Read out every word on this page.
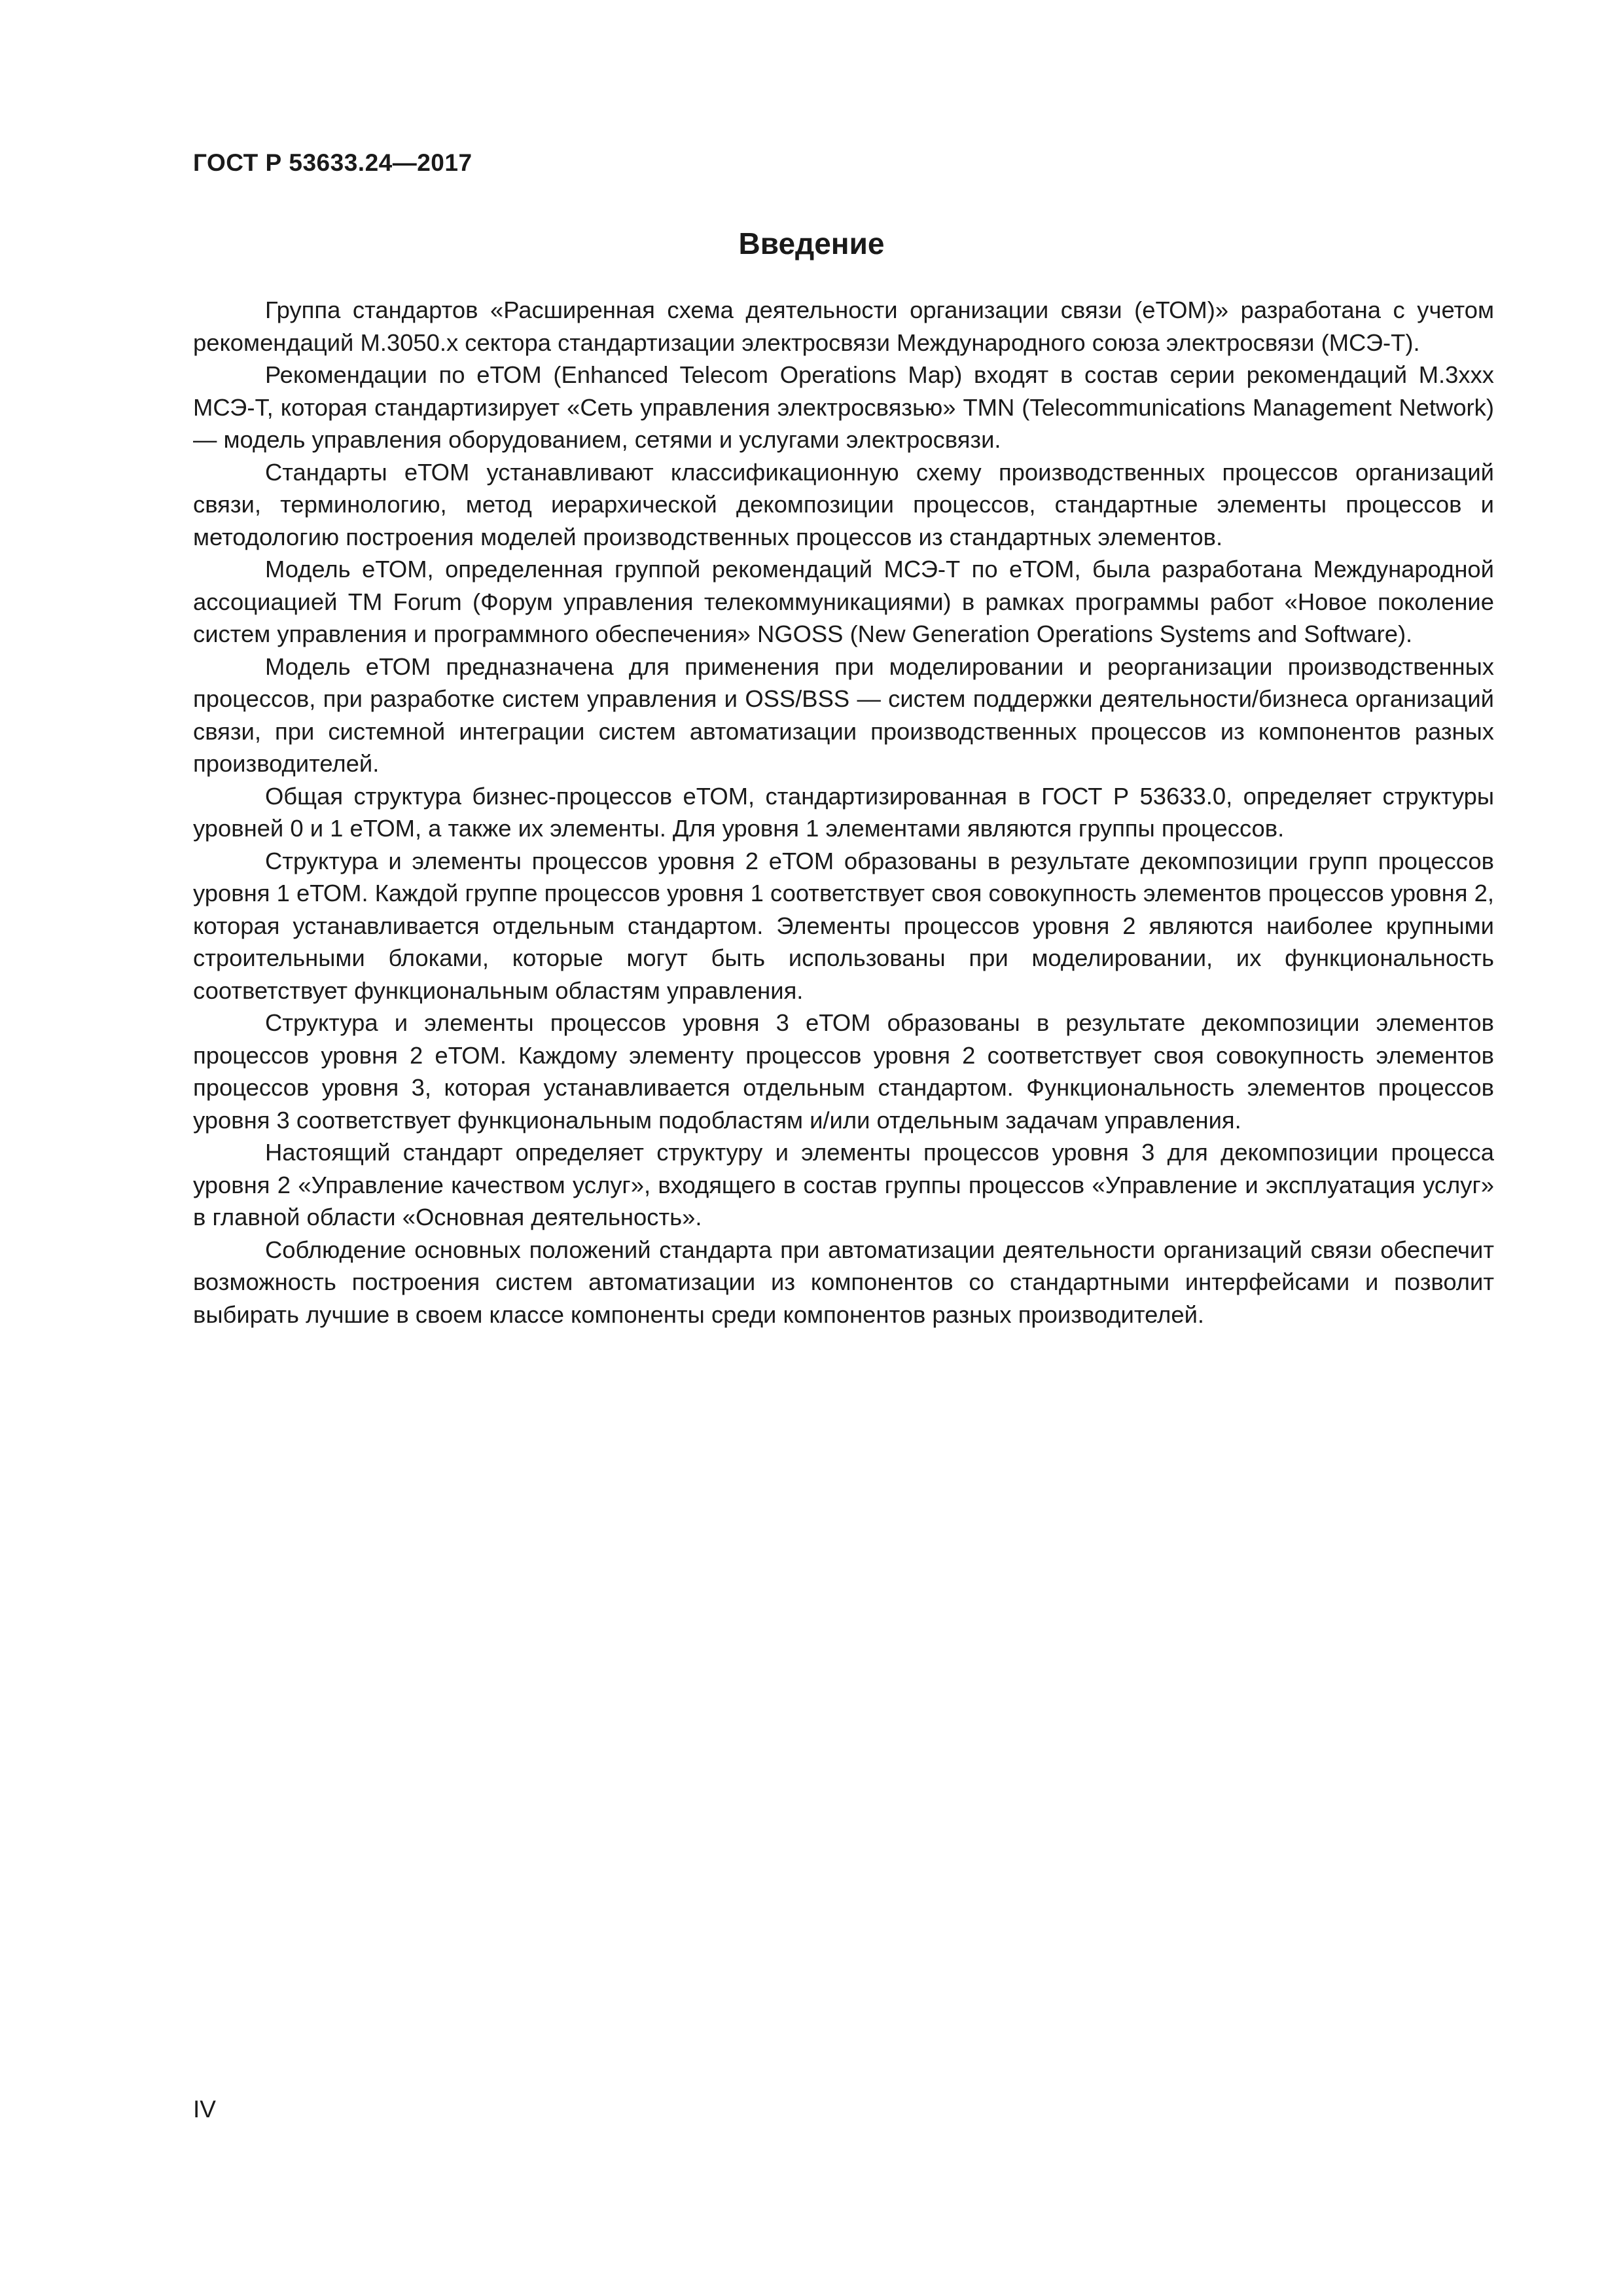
ГОСТ Р 53633.24—2017
Введение

Группа стандартов «Расширенная схема деятельности организации связи (еТОМ)» разработана с учетом рекомендаций M.3050.x сектора стандартизации электросвязи Международного союза электросвязи (МСЭ-Т).

Рекомендации по еТОМ (Enhanced Telecom Operations Map) входят в состав серии рекомендаций M.3xxx МСЭ-Т, которая стандартизирует «Сеть управления электросвязью» TMN (Telecommunications Management Network) — модель управления оборудованием, сетями и услугами электросвязи.

Стандарты еТОМ устанавливают классификационную схему производственных процессов организаций связи, терминологию, метод иерархической декомпозиции процессов, стандартные элементы процессов и методологию построения моделей производственных процессов из стандартных элементов.

Модель еТОМ, определенная группой рекомендаций МСЭ-Т по еТОМ, была разработана Международной ассоциацией ТМ Forum (Форум управления телекоммуникациями) в рамках программы работ «Новое поколение систем управления и программного обеспечения» NGOSS (New Generation Operations Systems and Software).

Модель еТОМ предназначена для применения при моделировании и реорганизации производственных процессов, при разработке систем управления и OSS/BSS — систем поддержки деятельности/бизнеса организаций связи, при системной интеграции систем автоматизации производственных процессов из компонентов разных производителей.

Общая структура бизнес-процессов еТОМ, стандартизированная в ГОСТ Р 53633.0, определяет структуры уровней 0 и 1 еТОМ, а также их элементы. Для уровня 1 элементами являются группы процессов.

Структура и элементы процессов уровня 2 еТОМ образованы в результате декомпозиции групп процессов уровня 1 еТОМ. Каждой группе процессов уровня 1 соответствует своя совокупность элементов процессов уровня 2, которая устанавливается отдельным стандартом. Элементы процессов уровня 2 являются наиболее крупными строительными блоками, которые могут быть использованы при моделировании, их функциональность соответствует функциональным областям управления.

Структура и элементы процессов уровня 3 еТОМ образованы в результате декомпозиции элементов процессов уровня 2 еТОМ. Каждому элементу процессов уровня 2 соответствует своя совокупность элементов процессов уровня 3, которая устанавливается отдельным стандартом. Функциональность элементов процессов уровня 3 соответствует функциональным подобластям и/или отдельным задачам управления.

Настоящий стандарт определяет структуру и элементы процессов уровня 3 для декомпозиции процесса уровня 2 «Управление качеством услуг», входящего в состав группы процессов «Управление и эксплуатация услуг» в главной области «Основная деятельность».

Соблюдение основных положений стандарта при автоматизации деятельности организаций связи обеспечит возможность построения систем автоматизации из компонентов со стандартными интерфейсами и позволит выбирать лучшие в своем классе компоненты среди компонентов разных производителей.

IV
